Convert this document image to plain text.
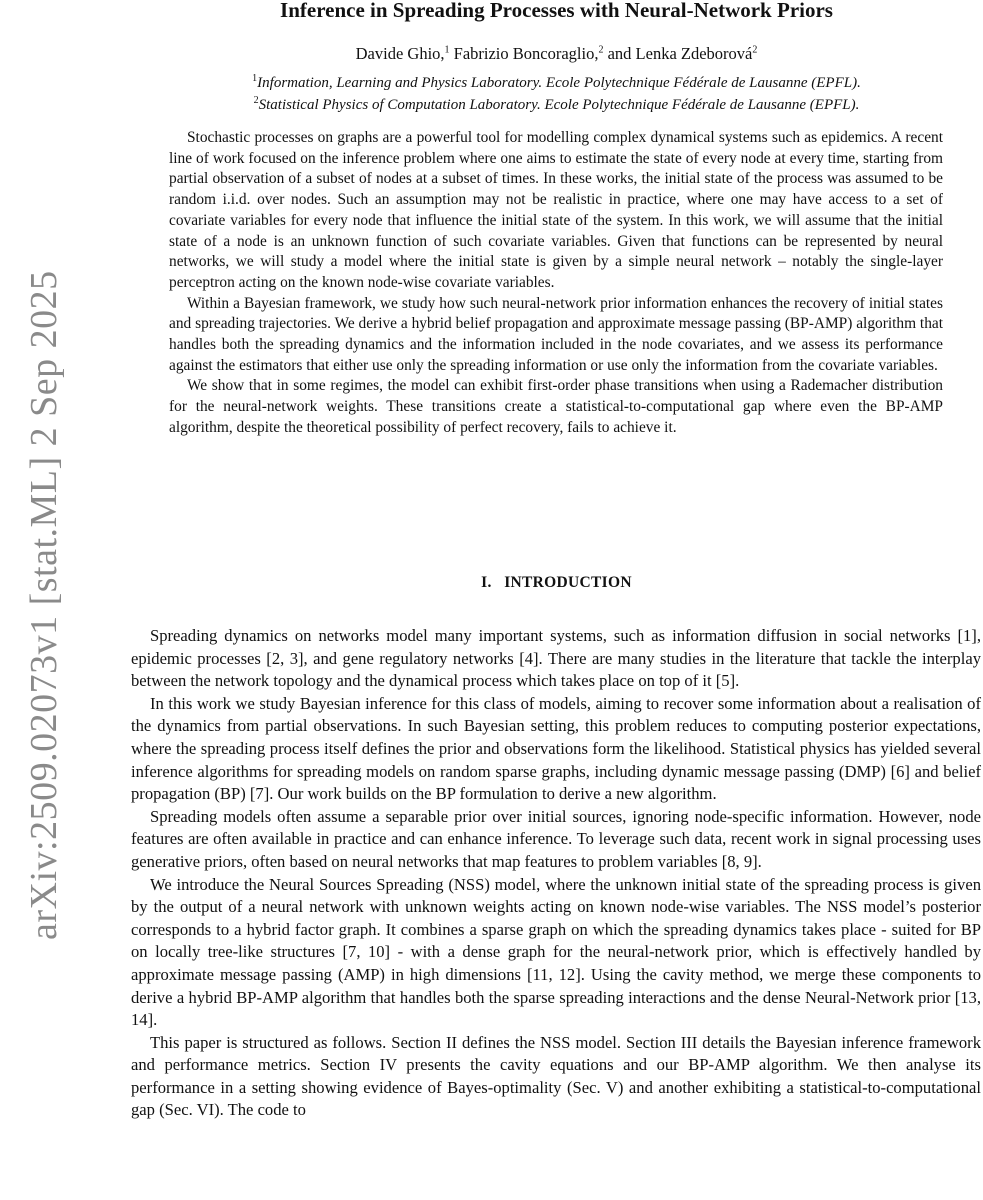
arXiv:2509.02073v1 [stat.ML] 2 Sep 2025
Inference in Spreading Processes with Neural-Network Priors
Davide Ghio,$^1$ Fabrizio Boncoraglio,$^2$ and Lenka Zdeborová$^2$
$^1$Information, Learning and Physics Laboratory. Ecole Polytechnique Fédérale de Lausanne (EPFL).
$^2$Statistical Physics of Computation Laboratory. Ecole Polytechnique Fédérale de Lausanne (EPFL).

Stochastic processes on graphs are a powerful tool for modelling complex dynamical systems such as epidemics. A recent line of work focused on the inference problem where one aims to estimate the state of every node at every time, starting from partial observation of a subset of nodes at a subset of times. In these works, the initial state of the process was assumed to be random i.i.d. over nodes. Such an assumption may not be realistic in practice, where one may have access to a set of covariate variables for every node that influence the initial state of the system. In this work, we will assume that the initial state of a node is an unknown function of such covariate variables. Given that functions can be represented by neural networks, we will study a model where the initial state is given by a simple neural network – notably the single-layer perceptron acting on the known node-wise covariate variables.

Within a Bayesian framework, we study how such neural-network prior information enhances the recovery of initial states and spreading trajectories. We derive a hybrid belief propagation and approximate message passing (BP-AMP) algorithm that handles both the spreading dynamics and the information included in the node covariates, and we assess its performance against the estimators that either use only the spreading information or use only the information from the covariate variables.

We show that in some regimes, the model can exhibit first-order phase transitions when using a Rademacher distribution for the neural-network weights. These transitions create a statistical-to-computational gap where even the BP-AMP algorithm, despite the theoretical possibility of perfect recovery, fails to achieve it.

I. INTRODUCTION

Spreading dynamics on networks model many important systems, such as information diffusion in social networks [1], epidemic processes [2, 3], and gene regulatory networks [4]. There are many studies in the literature that tackle the interplay between the network topology and the dynamical process which takes place on top of it [5].

In this work we study Bayesian inference for this class of models, aiming to recover some information about a realisation of the dynamics from partial observations. In such Bayesian setting, this problem reduces to computing posterior expectations, where the spreading process itself defines the prior and observations form the likelihood. Statistical physics has yielded several inference algorithms for spreading models on random sparse graphs, including dynamic message passing (DMP) [6] and belief propagation (BP) [7]. Our work builds on the BP formulation to derive a new algorithm.

Spreading models often assume a separable prior over initial sources, ignoring node-specific information. However, node features are often available in practice and can enhance inference. To leverage such data, recent work in signal processing uses generative priors, often based on neural networks that map features to problem variables [8, 9].

We introduce the Neural Sources Spreading (NSS) model, where the unknown initial state of the spreading process is given by the output of a neural network with unknown weights acting on known node-wise variables. The NSS model’s posterior corresponds to a hybrid factor graph. It combines a sparse graph on which the spreading dynamics takes place - suited for BP on locally tree-like structures [7, 10] - with a dense graph for the neural-network prior, which is effectively handled by approximate message passing (AMP) in high dimensions [11, 12]. Using the cavity method, we merge these components to derive a hybrid BP-AMP algorithm that handles both the sparse spreading interactions and the dense Neural-Network prior [13, 14].

This paper is structured as follows. Section II defines the NSS model. Section III details the Bayesian inference framework and performance metrics. Section IV presents the cavity equations and our BP-AMP algorithm. We then analyse its performance in a setting showing evidence of Bayes-optimality (Sec. V) and another exhibiting a statistical-to-computational gap (Sec. VI). The code to
